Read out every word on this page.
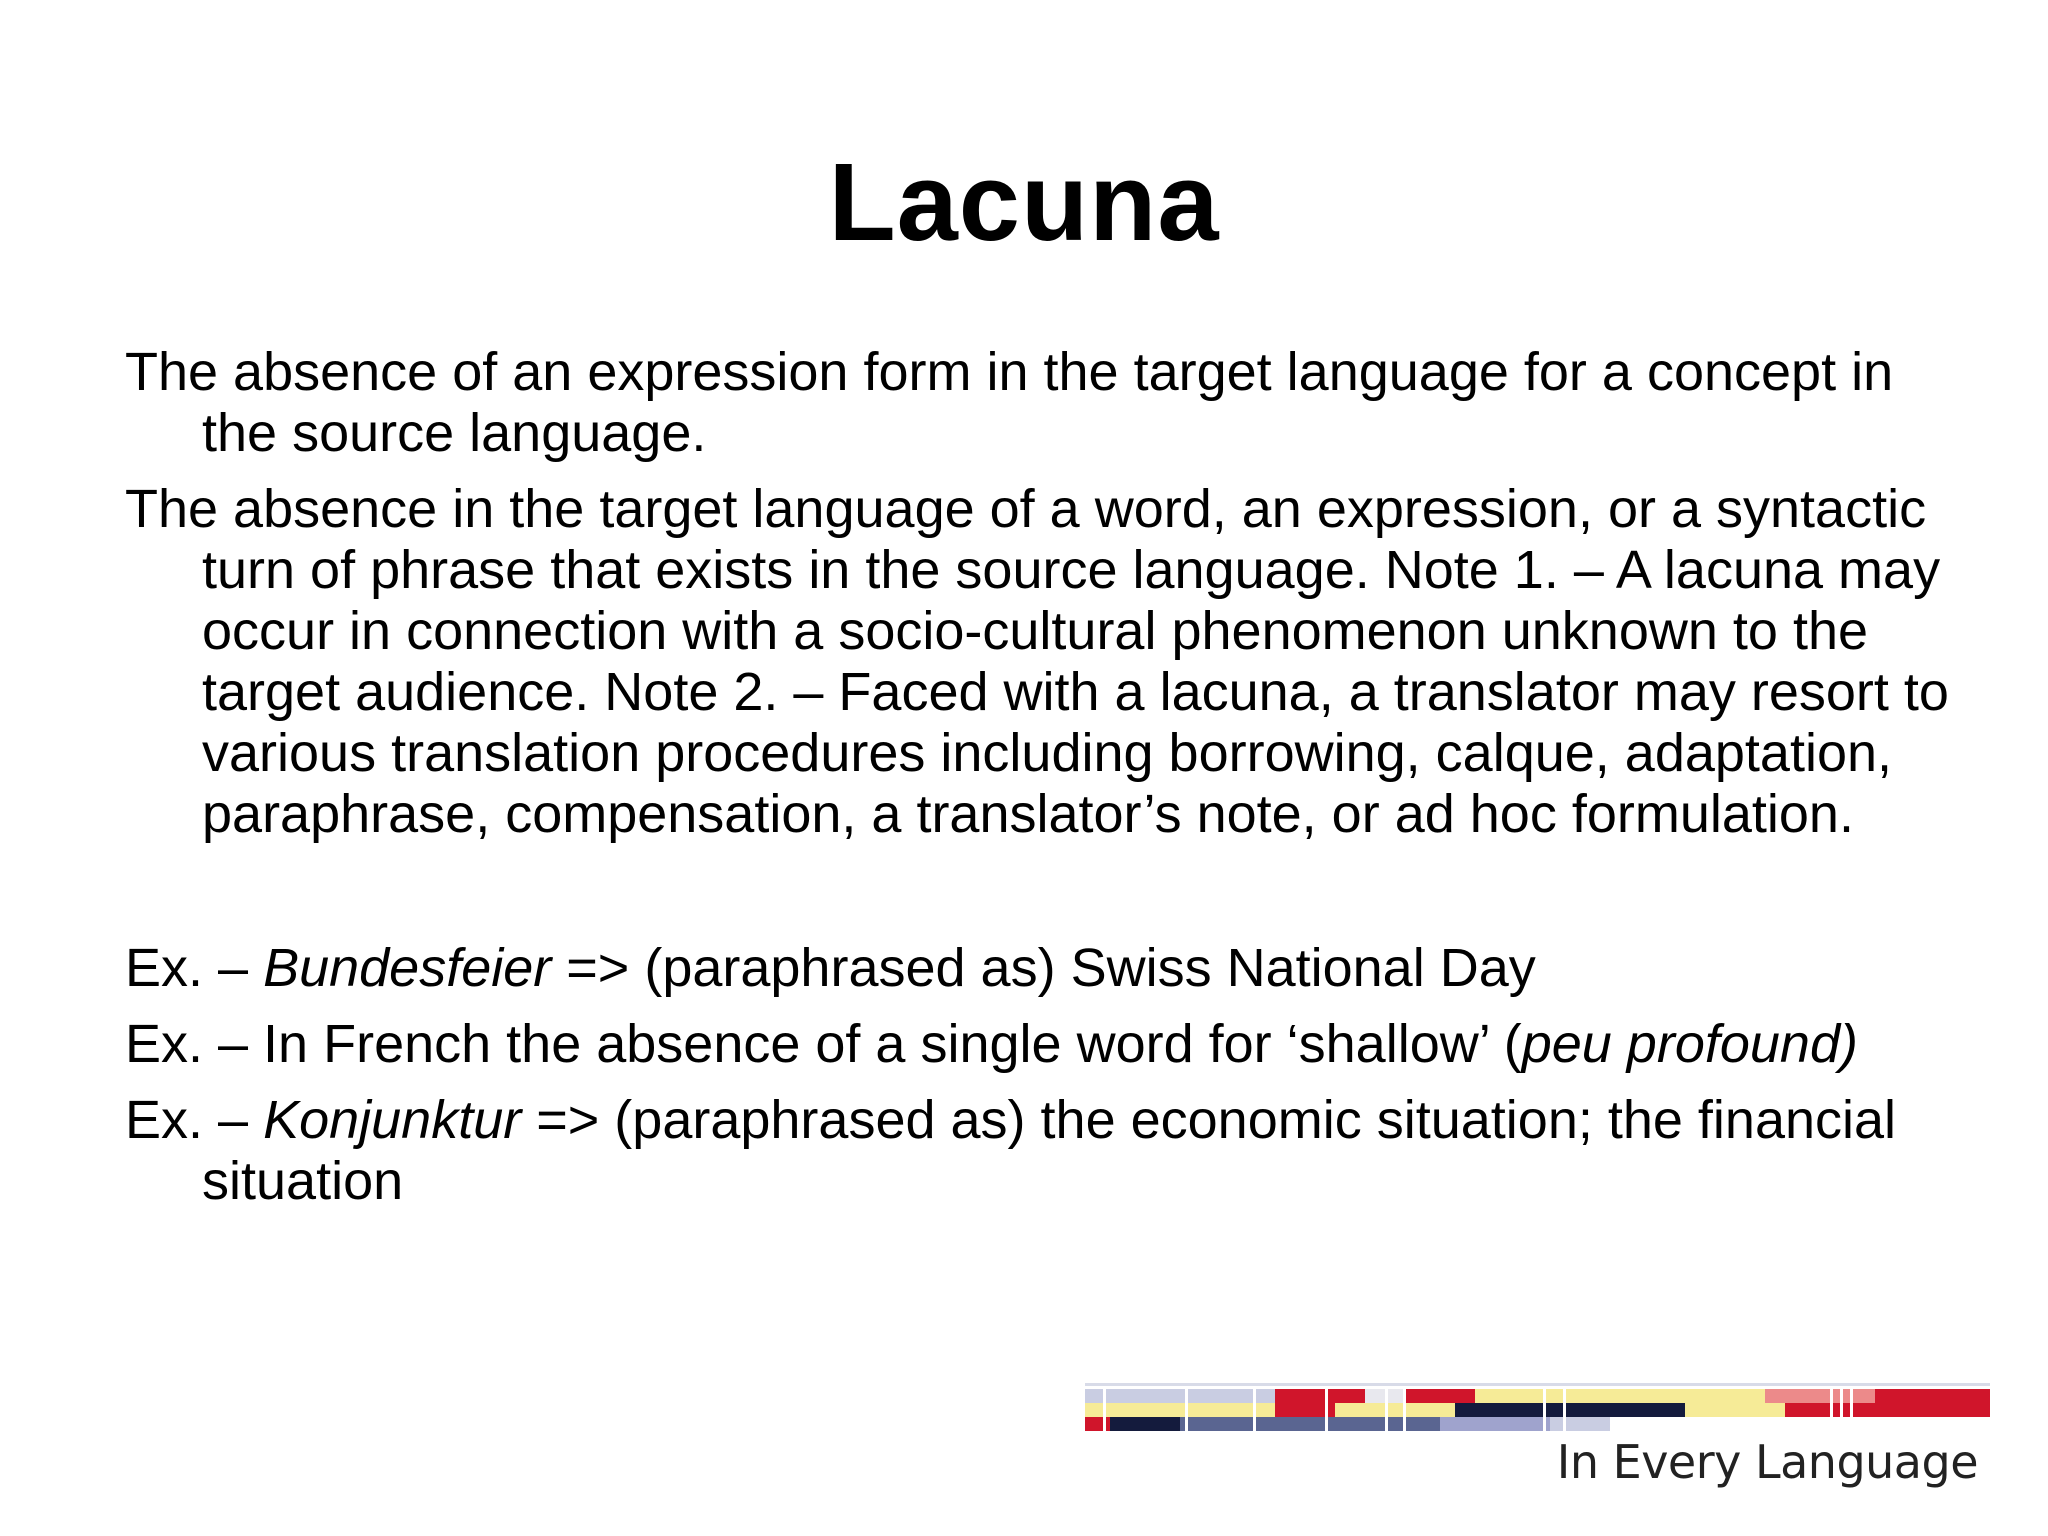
Lacuna

The absence of an expression form in the target language for a concept in the source language.

The absence in the target language of a word, an expression, or a syntactic turn of phrase that exists in the source language. Note 1. – A lacuna may occur in connection with a socio-cultural phenomenon unknown to the target audience. Note 2. – Faced with a lacuna, a translator may resort to various translation procedures including borrowing, calque, adaptation, paraphrase, compensation, a translator’s note, or ad hoc formulation.

Ex. – Bundesfeier => (paraphrased as) Swiss National Day

Ex. – In French the absence of a single word for ‘shallow’ (peu profound)

Ex. – Konjunktur => (paraphrased as) the economic situation; the financial situation

In Every Language
